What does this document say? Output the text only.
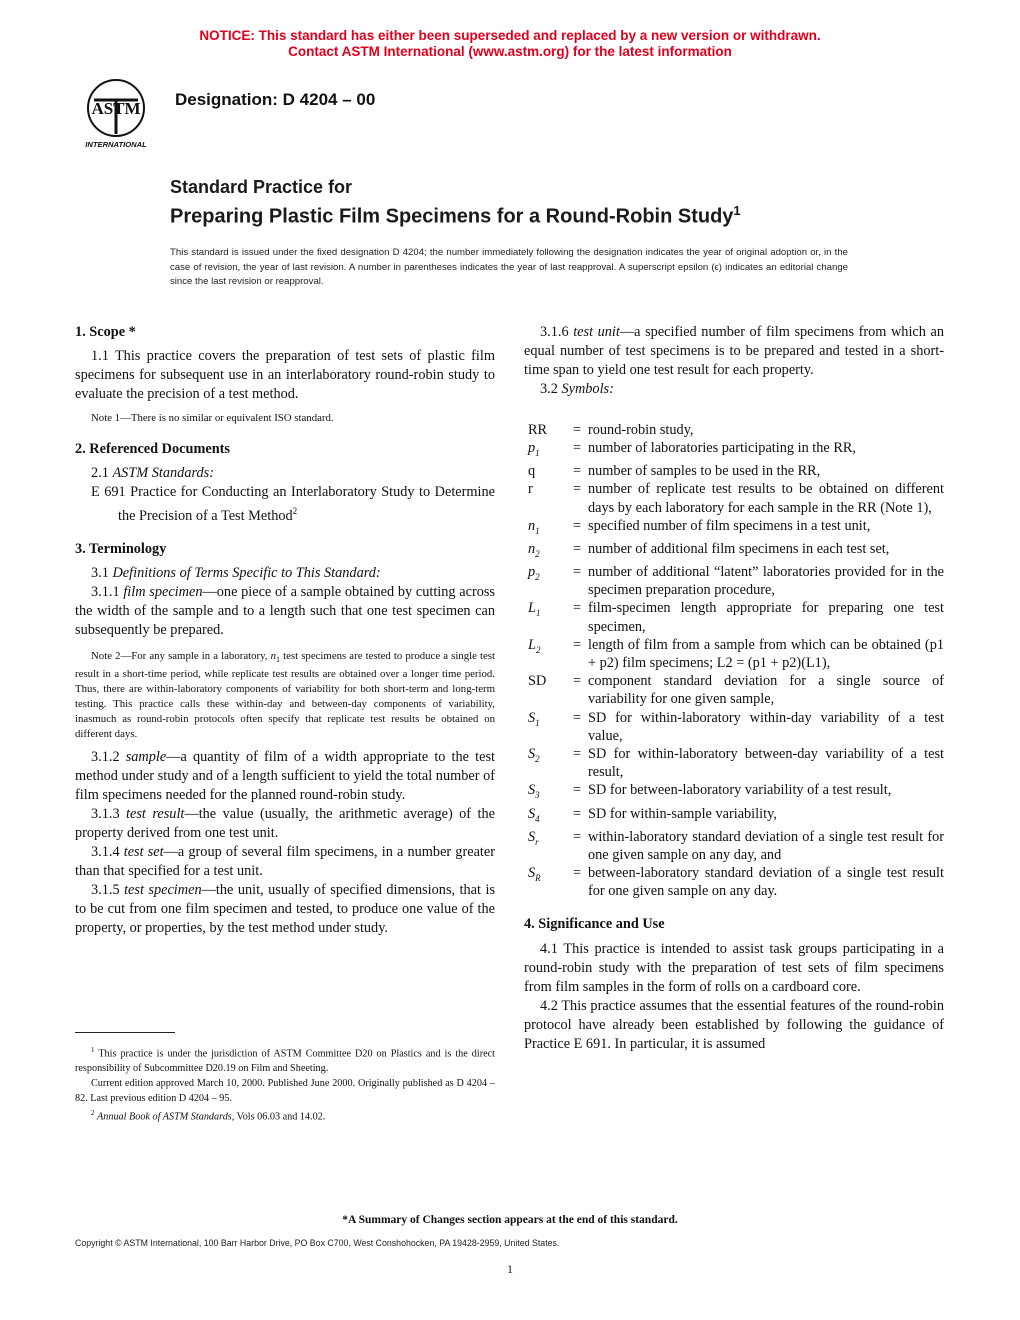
NOTICE: This standard has either been superseded and replaced by a new version or withdrawn.
Contact ASTM International (www.astm.org) for the latest information
ASTM
INTERNATIONAL
Designation: D 4204 – 00
Standard Practice for
Preparing Plastic Film Specimens for a Round-Robin Study$^1$
This standard is issued under the fixed designation D 4204; the number immediately following the designation indicates the year of original adoption or, in the case of revision, the year of last revision. A number in parentheses indicates the year of last reapproval. A superscript epsilon (ϵ) indicates an editorial change since the last revision or reapproval.
1. Scope *

1.1 This practice covers the preparation of test sets of plastic film specimens for subsequent use in an interlaboratory round-robin study to evaluate the precision of a test method.

Note 1—There is no similar or equivalent ISO standard.

2. Referenced Documents

2.1 ASTM Standards:

E 691 Practice for Conducting an Interlaboratory Study to Determine the Precision of a Test Method$^2$

3. Terminology

3.1 Definitions of Terms Specific to This Standard:

3.1.1 film specimen—one piece of a sample obtained by cutting across the width of the sample and to a length such that one test specimen can subsequently be prepared.

Note 2—For any sample in a laboratory, $n_1$ test specimens are tested to produce a single test result in a short-time period, while replicate test results are obtained over a longer time period. Thus, there are within-laboratory components of variability for both short-term and long-term testing. This practice calls these within-day and between-day components of variability, inasmuch as round-robin protocols often specify that replicate test results be obtained on different days.

3.1.2 sample—a quantity of film of a width appropriate to the test method under study and of a length sufficient to yield the total number of film specimens needed for the planned round-robin study.

3.1.3 test result—the value (usually, the arithmetic average) of the property derived from one test unit.

3.1.4 test set—a group of several film specimens, in a number greater than that specified for a test unit.

3.1.5 test specimen—the unit, usually of specified dimensions, that is to be cut from one film specimen and tested, to produce one value of the property, or properties, by the test method under study.

3.1.6 test unit—a specified number of film specimens from which an equal number of test specimens is to be prepared and tested in a short-time span to yield one test result for each property.

3.2 Symbols:

RR	= round-robin study,
$p_1$	= number of laboratories participating in the RR,
q	= number of samples to be used in the RR,
r	= number of replicate test results to be obtained on different days by each laboratory for each sample in the RR (Note 1),
$n_1$	= specified number of film specimens in a test unit,
$n_2$	= number of additional film specimens in each test set,
$p_2$	= number of additional “latent” laboratories provided for in the specimen preparation procedure,
$L_1$	= film-specimen length appropriate for preparing one test specimen,
$L_2$	= length of film from a sample from which can be obtained (p1 + p2) film specimens; L2 = (p1 + p2)(L1),
SD	= component standard deviation for a single source of variability for one given sample,
$S_1$	= SD for within-laboratory within-day variability of a test value,
$S_2$	= SD for within-laboratory between-day variability of a test result,
$S_3$	= SD for between-laboratory variability of a test result,
$S_4$	= SD for within-sample variability,
$S_r$	= within-laboratory standard deviation of a single test result for one given sample on any day, and
$S_R$	= between-laboratory standard deviation of a single test result for one given sample on any day.
4. Significance and Use

4.1 This practice is intended to assist task groups participating in a round-robin study with the preparation of test sets of film specimens from film samples in the form of rolls on a cardboard core.

4.2 This practice assumes that the essential features of the round-robin protocol have already been established by following the guidance of Practice E 691. In particular, it is assumed

$^1$ This practice is under the jurisdiction of ASTM Committee D20 on Plastics and is the direct responsibility of Subcommittee D20.19 on Film and Sheeting.

Current edition approved March 10, 2000. Published June 2000. Originally published as D 4204 – 82. Last previous edition D 4204 – 95.

$^2$ Annual Book of ASTM Standards, Vols 06.03 and 14.02.

*A Summary of Changes section appears at the end of this standard.
Copyright © ASTM International, 100 Barr Harbor Drive, PO Box C700, West Conshohocken, PA 19428-2959, United States.
1
